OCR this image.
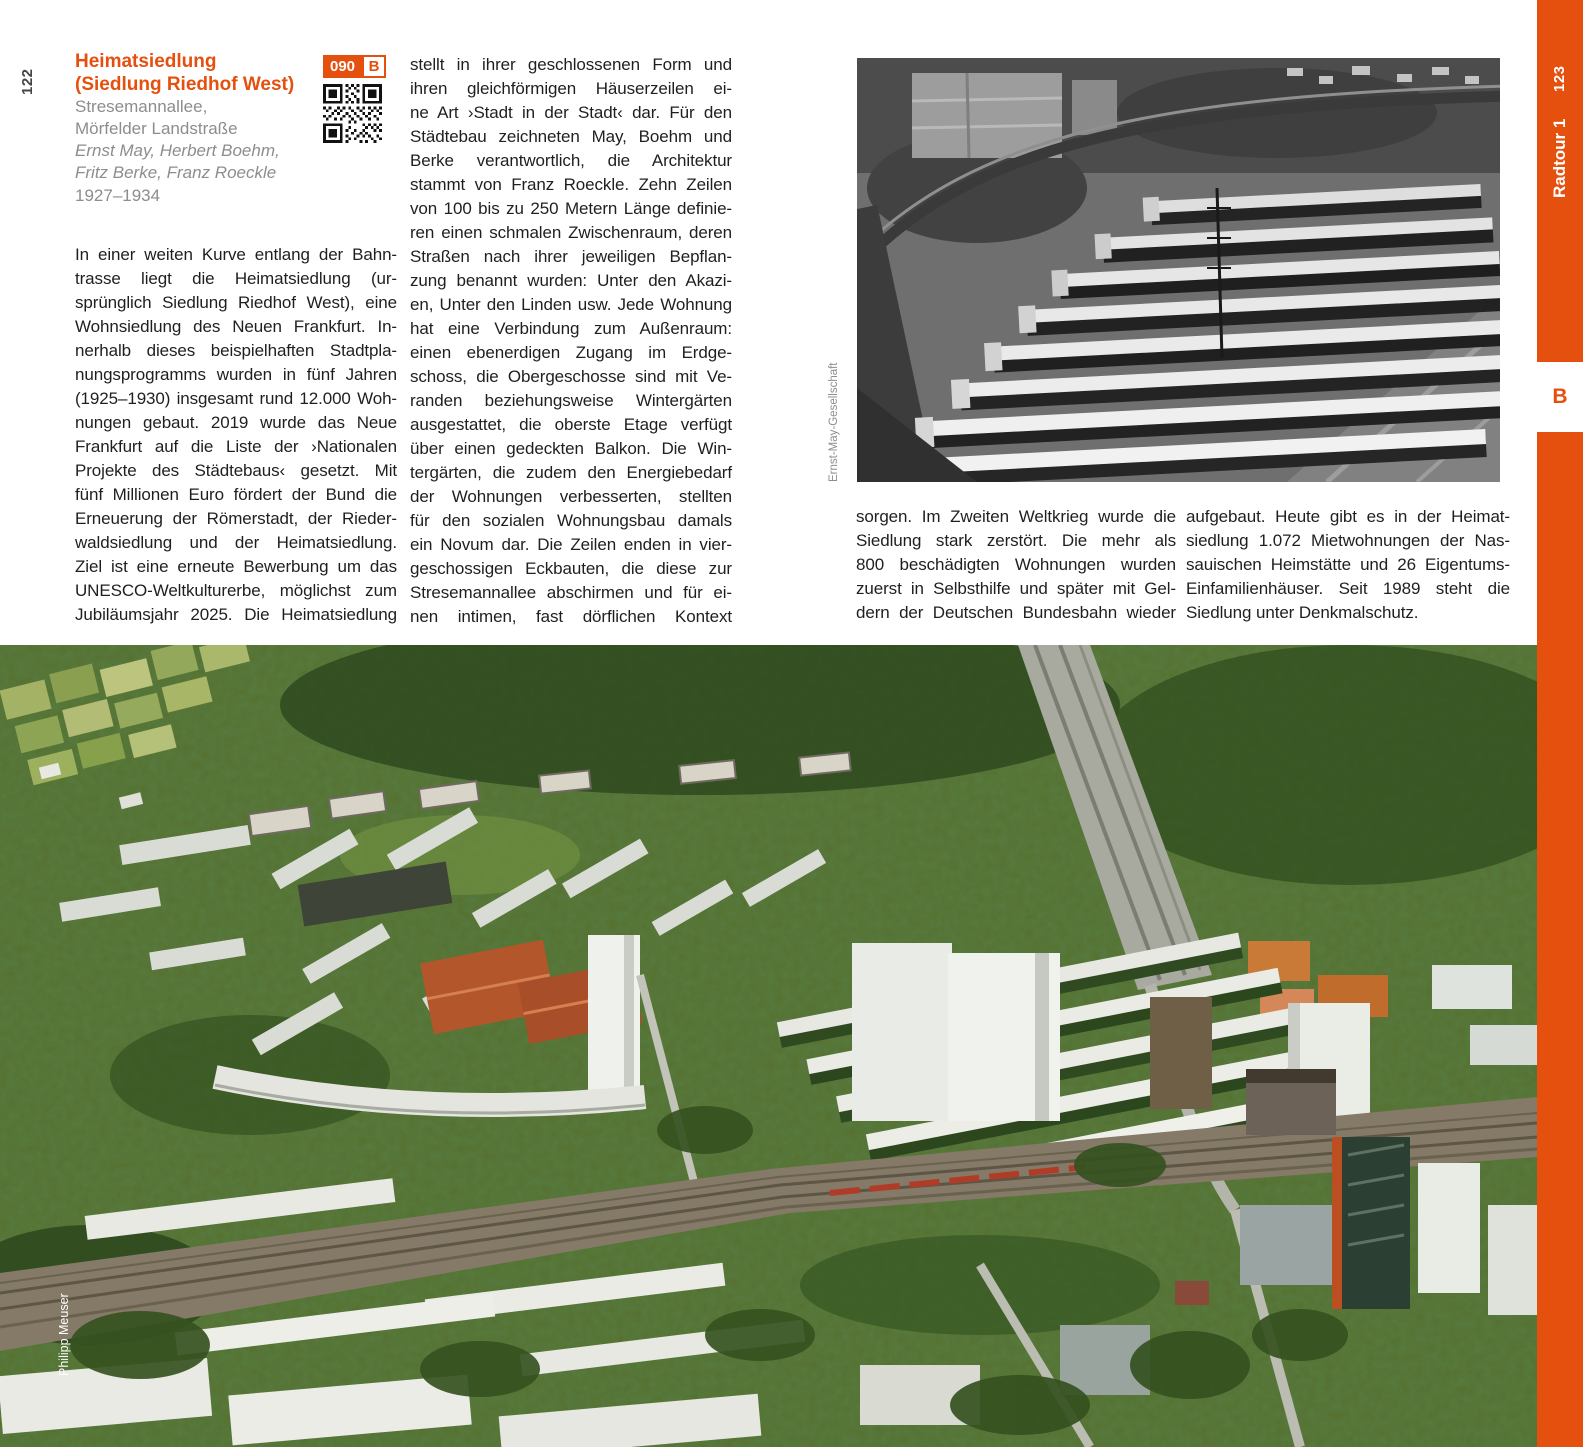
122	123
Radtour 1
B
Heimatsiedlung
(Siedlung Riedhof West)
Stresemannallee,
Mörfelder Landstraße
Ernst May, Herbert Boehm,
Fritz Berke, Franz Roeckle
1927–1934
090 B
In einer weiten Kurve entlang der Bahn-
trasse liegt die Heimatsiedlung (ur-
sprünglich Siedlung Riedhof West), eine
Wohnsiedlung des Neuen Frankfurt. In-
nerhalb dieses beispielhaften Stadtpla-
nungsprogramms wurden in fünf Jahren
(1925–1930) insgesamt rund 12.000 Woh-
nungen gebaut. 2019 wurde das Neue
Frankfurt auf die Liste der ›Nationalen
Projekte des Städtebaus‹ gesetzt. Mit
fünf Millionen Euro fördert der Bund die
Erneuerung der Römerstadt, der Rieder-
waldsiedlung und der Heimatsiedlung.
Ziel ist eine erneute Bewerbung um das
UNESCO-Weltkulturerbe, möglichst zum
Jubiläumsjahr 2025. Die Heimatsiedlung
stellt in ihrer geschlossenen Form und
ihren gleichförmigen Häuserzeilen ei-
ne Art ›Stadt in der Stadt‹ dar. Für den
Städtebau zeichneten May, Boehm und
Berke verantwortlich, die Architektur
stammt von Franz Roeckle. Zehn Zeilen
von 100 bis zu 250 Metern Länge definie-
ren einen schmalen Zwischenraum, deren
Straßen nach ihrer jeweiligen Bepflan-
zung benannt wurden: Unter den Akazi-
en, Unter den Linden usw. Jede Wohnung
hat eine Verbindung zum Außenraum:
einen ebenerdigen Zugang im Erdge-
schoss, die Obergeschosse sind mit Ve-
randen beziehungsweise Wintergärten
ausgestattet, die oberste Etage verfügt
über einen gedeckten Balkon. Die Win-
tergärten, die zudem den Energiebedarf
der Wohnungen verbesserten, stellten
für den sozialen Wohnungsbau damals
ein Novum dar. Die Zeilen enden in vier-
geschossigen Eckbauten, die diese zur
Stresemannallee abschirmen und für ei-
nen intimen, fast dörflichen Kontext
sorgen. Im Zweiten Weltkrieg wurde die
Siedlung stark zerstört. Die mehr als
800 beschädigten Wohnungen wurden
zuerst in Selbsthilfe und später mit Gel-
dern der Deutschen Bundesbahn wieder
aufgebaut. Heute gibt es in der Heimat-
siedlung 1.072 Mietwohnungen der Nas-
sauischen Heimstätte und 26 Eigentums-
Einfamilienhäuser. Seit 1989 steht die
Siedlung unter Denkmalschutz.
Ernst-May-Gesellschaft
Philipp Meuser
